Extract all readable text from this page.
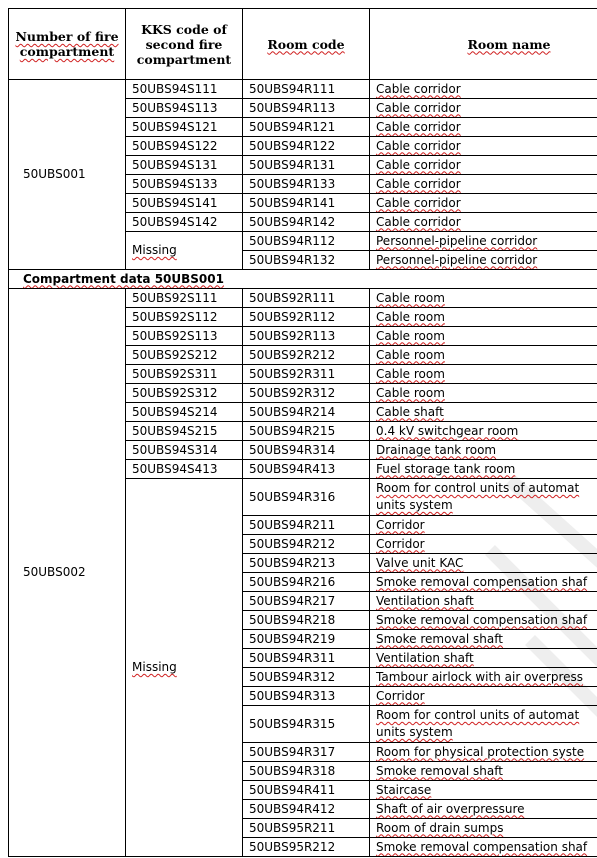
Number of fire compartment	KKS code of second fire compartment	Room code	Room name
50UBS001	50UBS94S111	50UBS94R111	Cable corridor
	50UBS94S113	50UBS94R113	Cable corridor
	50UBS94S121	50UBS94R121	Cable corridor
	50UBS94S122	50UBS94R122	Cable corridor
	50UBS94S131	50UBS94R131	Cable corridor
	50UBS94S133	50UBS94R133	Cable corridor
	50UBS94S141	50UBS94R141	Cable corridor
	50UBS94S142	50UBS94R142	Cable corridor
	Missing	50UBS94R112	Personnel-pipeline corridor
		50UBS94R132	Personnel-pipeline corridor
Compartment data 50UBS001			
50UBS002	50UBS92S111	50UBS92R111	Cable room
	50UBS92S112	50UBS92R112	Cable room
	50UBS92S113	50UBS92R113	Cable room
	50UBS92S212	50UBS92R212	Cable room
	50UBS92S311	50UBS92R311	Cable room
	50UBS92S312	50UBS92R312	Cable room
	50UBS94S214	50UBS94R214	Cable shaft
	50UBS94S215	50UBS94R215	0.4 kV switchgear room
	50UBS94S314	50UBS94R314	Drainage tank room
	50UBS94S413	50UBS94R413	Fuel storage tank room
	Missing	50UBS94R316	Room for control units of automat
units system
		50UBS94R211	Corridor
		50UBS94R212	Corridor
		50UBS94R213	Valve unit KAC
		50UBS94R216	Smoke removal compensation shaf
		50UBS94R217	Ventilation shaft
		50UBS94R218	Smoke removal compensation shaf
		50UBS94R219	Smoke removal shaft
		50UBS94R311	Ventilation shaft
		50UBS94R312	Tambour airlock with air overpress
		50UBS94R313	Corridor
		50UBS94R315	Room for control units of automat
units system
		50UBS94R317	Room for physical protection syste
		50UBS94R318	Smoke removal shaft
		50UBS94R411	Staircase
		50UBS94R412	Shaft of air overpressure
		50UBS95R211	Room of drain sumps
		50UBS95R212	Smoke removal compensation shaf
